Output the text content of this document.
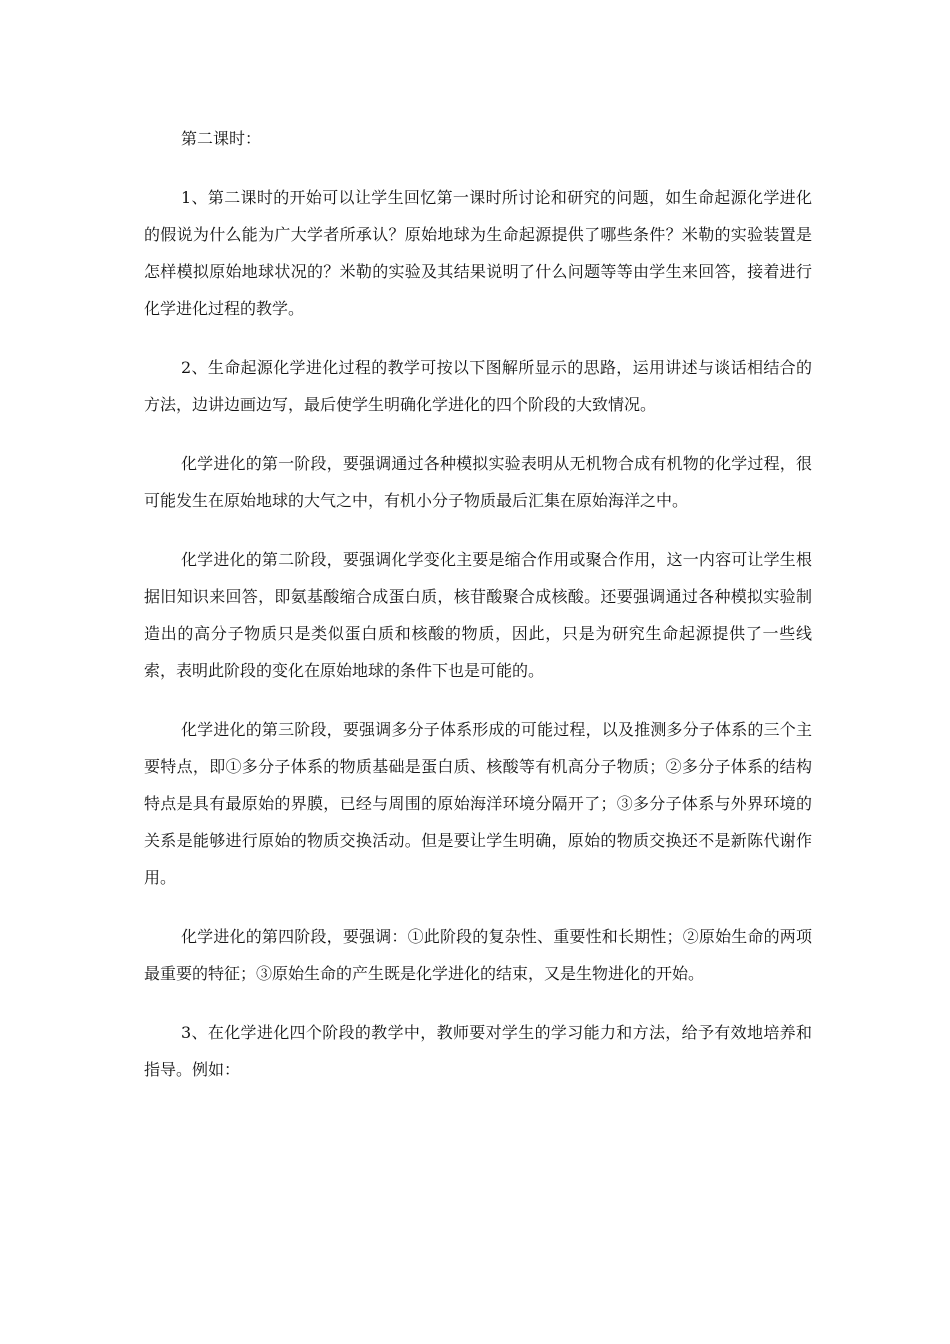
第二课时：

1、第二课时的开始可以让学生回忆第一课时所讨论和研究的问题，如生命起源化学进化的假说为什么能为广大学者所承认？原始地球为生命起源提供了哪些条件？米勒的实验装置是怎样模拟原始地球状况的？米勒的实验及其结果说明了什么问题等等由学生来回答，接着进行化学进化过程的教学。

2、生命起源化学进化过程的教学可按以下图解所显示的思路，运用讲述与谈话相结合的方法，边讲边画边写，最后使学生明确化学进化的四个阶段的大致情况。

化学进化的第一阶段，要强调通过各种模拟实验表明从无机物合成有机物的化学过程，很可能发生在原始地球的大气之中，有机小分子物质最后汇集在原始海洋之中。

化学进化的第二阶段，要强调化学变化主要是缩合作用或聚合作用，这一内容可让学生根据旧知识来回答，即氨基酸缩合成蛋白质，核苷酸聚合成核酸。还要强调通过各种模拟实验制造出的高分子物质只是类似蛋白质和核酸的物质，因此，只是为研究生命起源提供了一些线索，表明此阶段的变化在原始地球的条件下也是可能的。

化学进化的第三阶段，要强调多分子体系形成的可能过程，以及推测多分子体系的三个主要特点，即①多分子体系的物质基础是蛋白质、核酸等有机高分子物质；②多分子体系的结构特点是具有最原始的界膜，已经与周围的原始海洋环境分隔开了；③多分子体系与外界环境的关系是能够进行原始的物质交换活动。但是要让学生明确，原始的物质交换还不是新陈代谢作用。

化学进化的第四阶段，要强调：①此阶段的复杂性、重要性和长期性；②原始生命的两项最重要的特征；③原始生命的产生既是化学进化的结束，又是生物进化的开始。

3、在化学进化四个阶段的教学中，教师要对学生的学习能力和方法，给予有效地培养和指导。例如：
